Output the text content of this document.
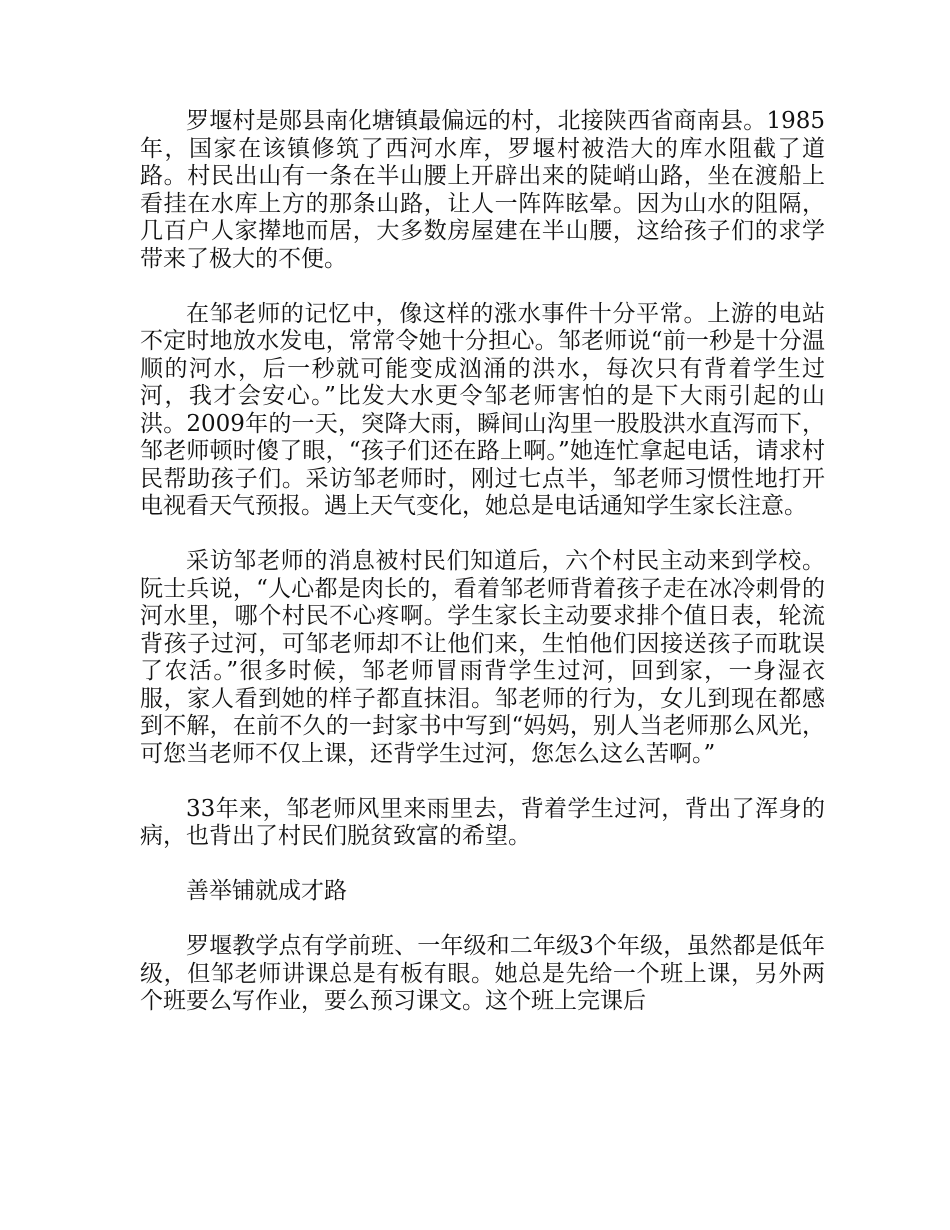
罗堰村是郧县南化塘镇最偏远的村，北接陕西省商南县。1985年，国家在该镇修筑了西河水库，罗堰村被浩大的库水阻截了道路。村民出山有一条在半山腰上开辟出来的陡峭山路，坐在渡船上看挂在水库上方的那条山路，让人一阵阵眩晕。因为山水的阻隔，几百户人家撵地而居，大多数房屋建在半山腰，这给孩子们的求学带来了极大的不便。

在邹老师的记忆中，像这样的涨水事件十分平常。上游的电站不定时地放水发电，常常令她十分担心。邹老师说“前一秒是十分温顺的河水，后一秒就可能变成汹涌的洪水，每次只有背着学生过河，我才会安心。”比发大水更令邹老师害怕的是下大雨引起的山洪。2009年的一天，突降大雨，瞬间山沟里一股股洪水直泻而下，邹老师顿时傻了眼，“孩子们还在路上啊。”她连忙拿起电话，请求村民帮助孩子们。采访邹老师时，刚过七点半，邹老师习惯性地打开电视看天气预报。遇上天气变化，她总是电话通知学生家长注意。

采访邹老师的消息被村民们知道后，六个村民主动来到学校。阮士兵说，“人心都是肉长的，看着邹老师背着孩子走在冰冷刺骨的河水里，哪个村民不心疼啊。学生家长主动要求排个值日表，轮流背孩子过河，可邹老师却不让他们来，生怕他们因接送孩子而耽误了农活。”很多时候，邹老师冒雨背学生过河，回到家，一身湿衣服，家人看到她的样子都直抹泪。邹老师的行为，女儿到现在都感到不解，在前不久的一封家书中写到“妈妈，别人当老师那么风光，可您当老师不仅上课，还背学生过河，您怎么这么苦啊。”

33年来，邹老师风里来雨里去，背着学生过河，背出了浑身的病，也背出了村民们脱贫致富的希望。

善举铺就成才路

罗堰教学点有学前班、一年级和二年级3个年级，虽然都是低年级，但邹老师讲课总是有板有眼。她总是先给一个班上课，另外两个班要么写作业，要么预习课文。这个班上完课后
